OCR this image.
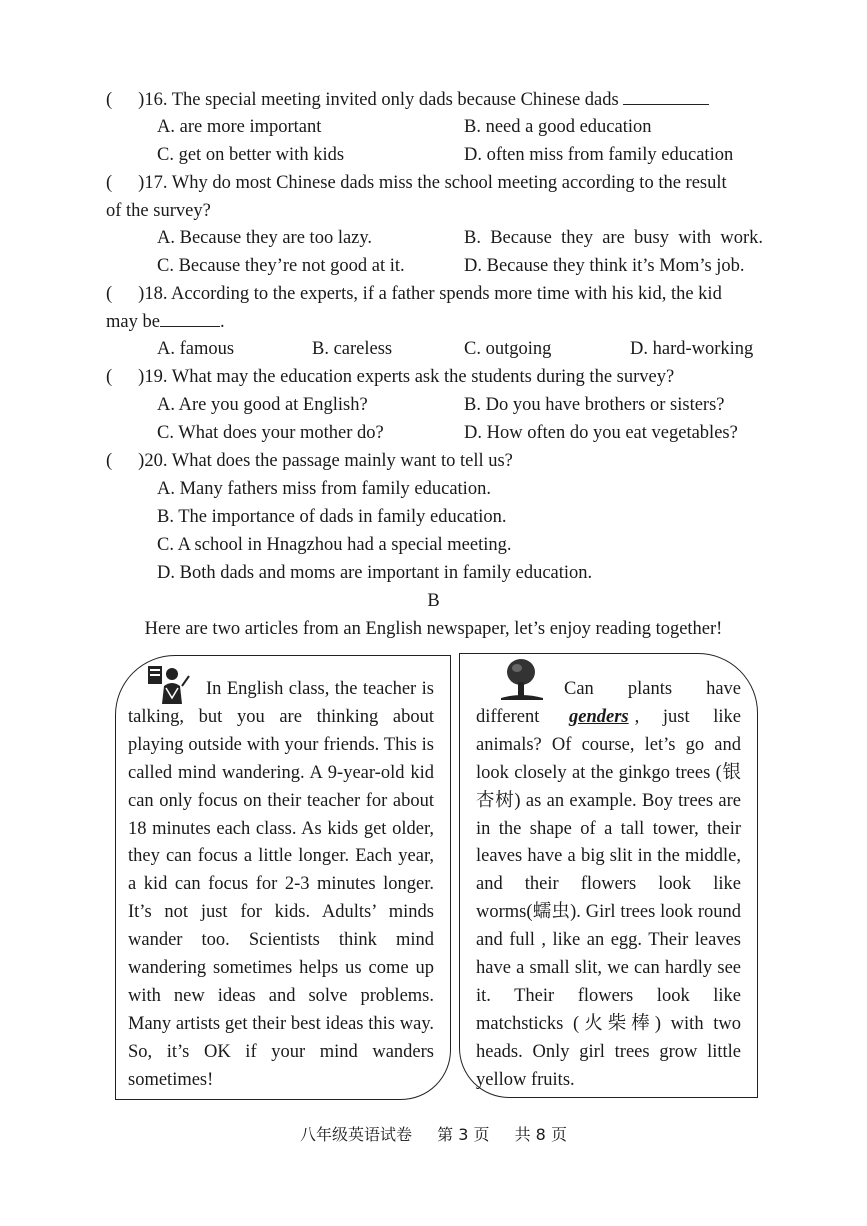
( )16. The special meeting invited only dads because Chinese dads
A. are more important	B. need a good education
C. get on better with kids	D. often miss from family education
( )17. Why do most Chinese dads miss the school meeting according to the result
of the survey?
A. Because they are too lazy.	B.  Because  they  are  busy  with  work.
C. Because they’re not good at it.	D. Because they think it’s Mom’s job.
( )18. According to the experts, if a father spends more time with his kid, the kid
may be	.
A. famous	B. careless	C. outgoing	D. hard-working
( )19. What may the education experts ask the students during the survey?
A. Are you good at English?	B. Do you have brothers or sisters?
C. What does your mother do?	D. How often do you eat vegetables?
( )20. What does the passage mainly want to tell us?
A. Many fathers miss from family education.
B. The importance of dads in family education.
C. A school in Hnagzhou had a special meeting.
D. Both dads and moms are important in family education.
B
Here are two articles from an English newspaper, let’s enjoy reading together!
In English class, the teacher is talking, but you are thinking about playing outside with your friends. This is called mind wandering. A 9-year-old kid can only focus on their teacher for about 18 minutes each class. As kids get older, they can focus a little longer. Each year, a kid can focus for 2-3 minutes longer. It’s not just for kids. Adults’ minds wander too. Scientists think mind wandering sometimes helps us come up with new ideas and solve problems. Many artists get their best ideas this way. So, it’s OK if your mind wanders sometimes!
Can plants have different genders , just like animals? Of course, let’s go and look closely at the ginkgo trees (银杏树) as an example. Boy trees are in the shape of a tall tower, their leaves have a big slit in the middle, and their flowers look like worms(蠕虫). Girl trees look round and full , like an egg. Their leaves have a small slit, we can hardly see it. Their flowers look like matchsticks (火柴棒) with two heads. Only girl trees grow little yellow fruits.
八年级英语试卷 第 3 页 共 8 页
